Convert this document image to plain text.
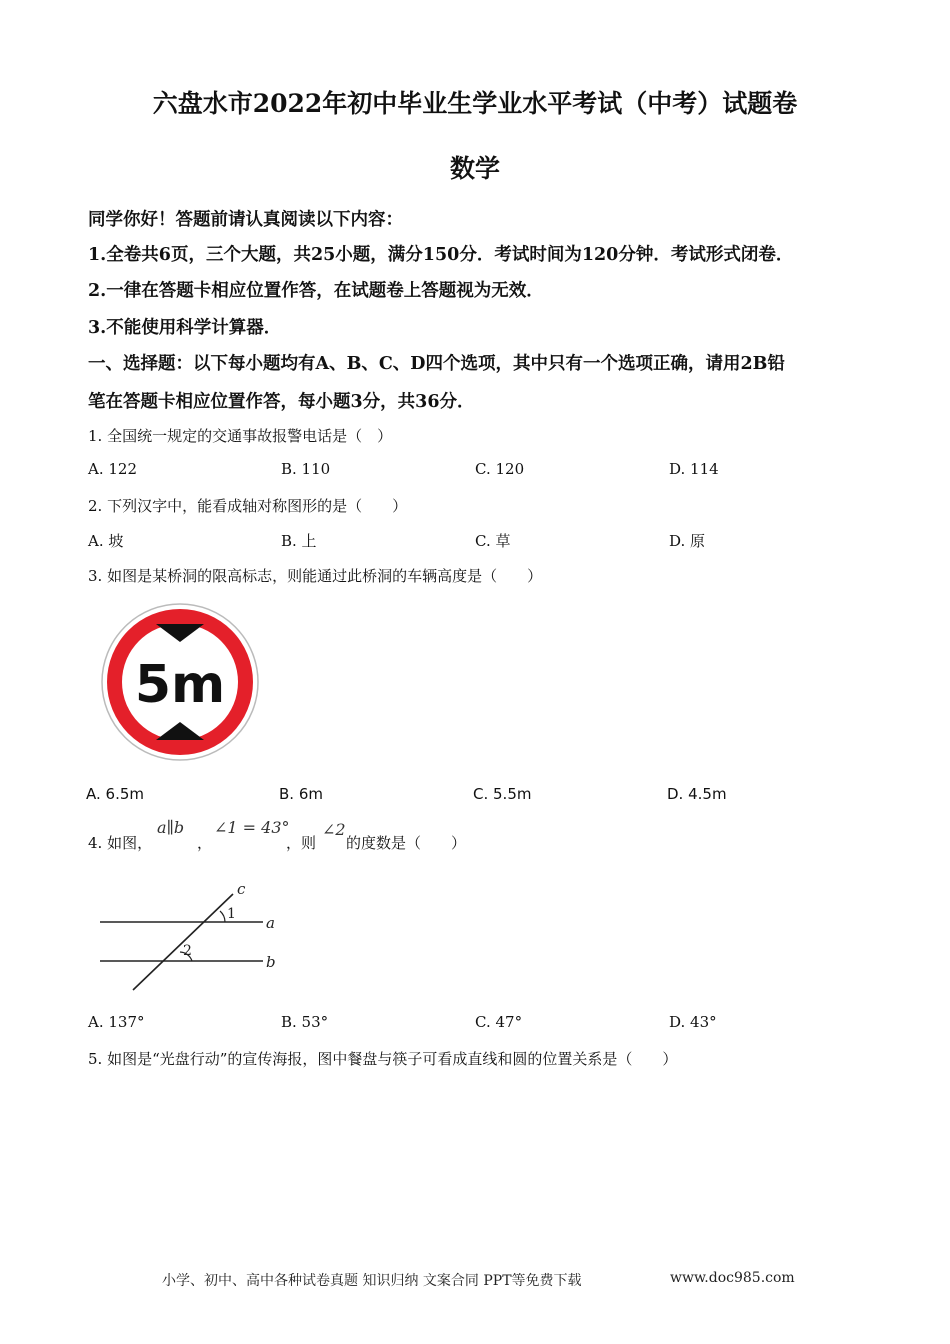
六盘水市2022年初中毕业生学业水平考试（中考）试题卷
数学
同学你好！答题前请认真阅读以下内容：
1.全卷共6页，三个大题，共25小题，满分150分．考试时间为120分钟．考试形式闭卷．
2.一律在答题卡相应位置作答，在试题卷上答题视为无效．
3.不能使用科学计算器．
一、选择题：以下每小题均有A、B、C、D四个选项，其中只有一个选项正确，请用2B铅
笔在答题卡相应位置作答，每小题3分，共36分．
1. 全国统一规定的交通事故报警电话是（　）
A. 122	B. 110	C. 120	D. 114
2. 下列汉字中，能看成轴对称图形的是（　　）
A. 坡	B. 上	C. 草	D. 原
3. 如图是某桥洞的限高标志，则能通过此桥洞的车辆高度是（　　）
5m
A. 6.5m	B. 6m	C. 5.5m	D. 4.5m
4. 如图，
a∥b
，
∠1 = 43°
，则
∠2
的度数是（　　）
c
a
b
1
2
A. 137°	B. 53°	C. 47°	D. 43°
5. 如图是“光盘行动”的宣传海报，图中餐盘与筷子可看成直线和圆的位置关系是（　　）
小学、初中、高中各种试卷真题 知识归纳 文案合同 PPT等免费下载	www.doc985.com
